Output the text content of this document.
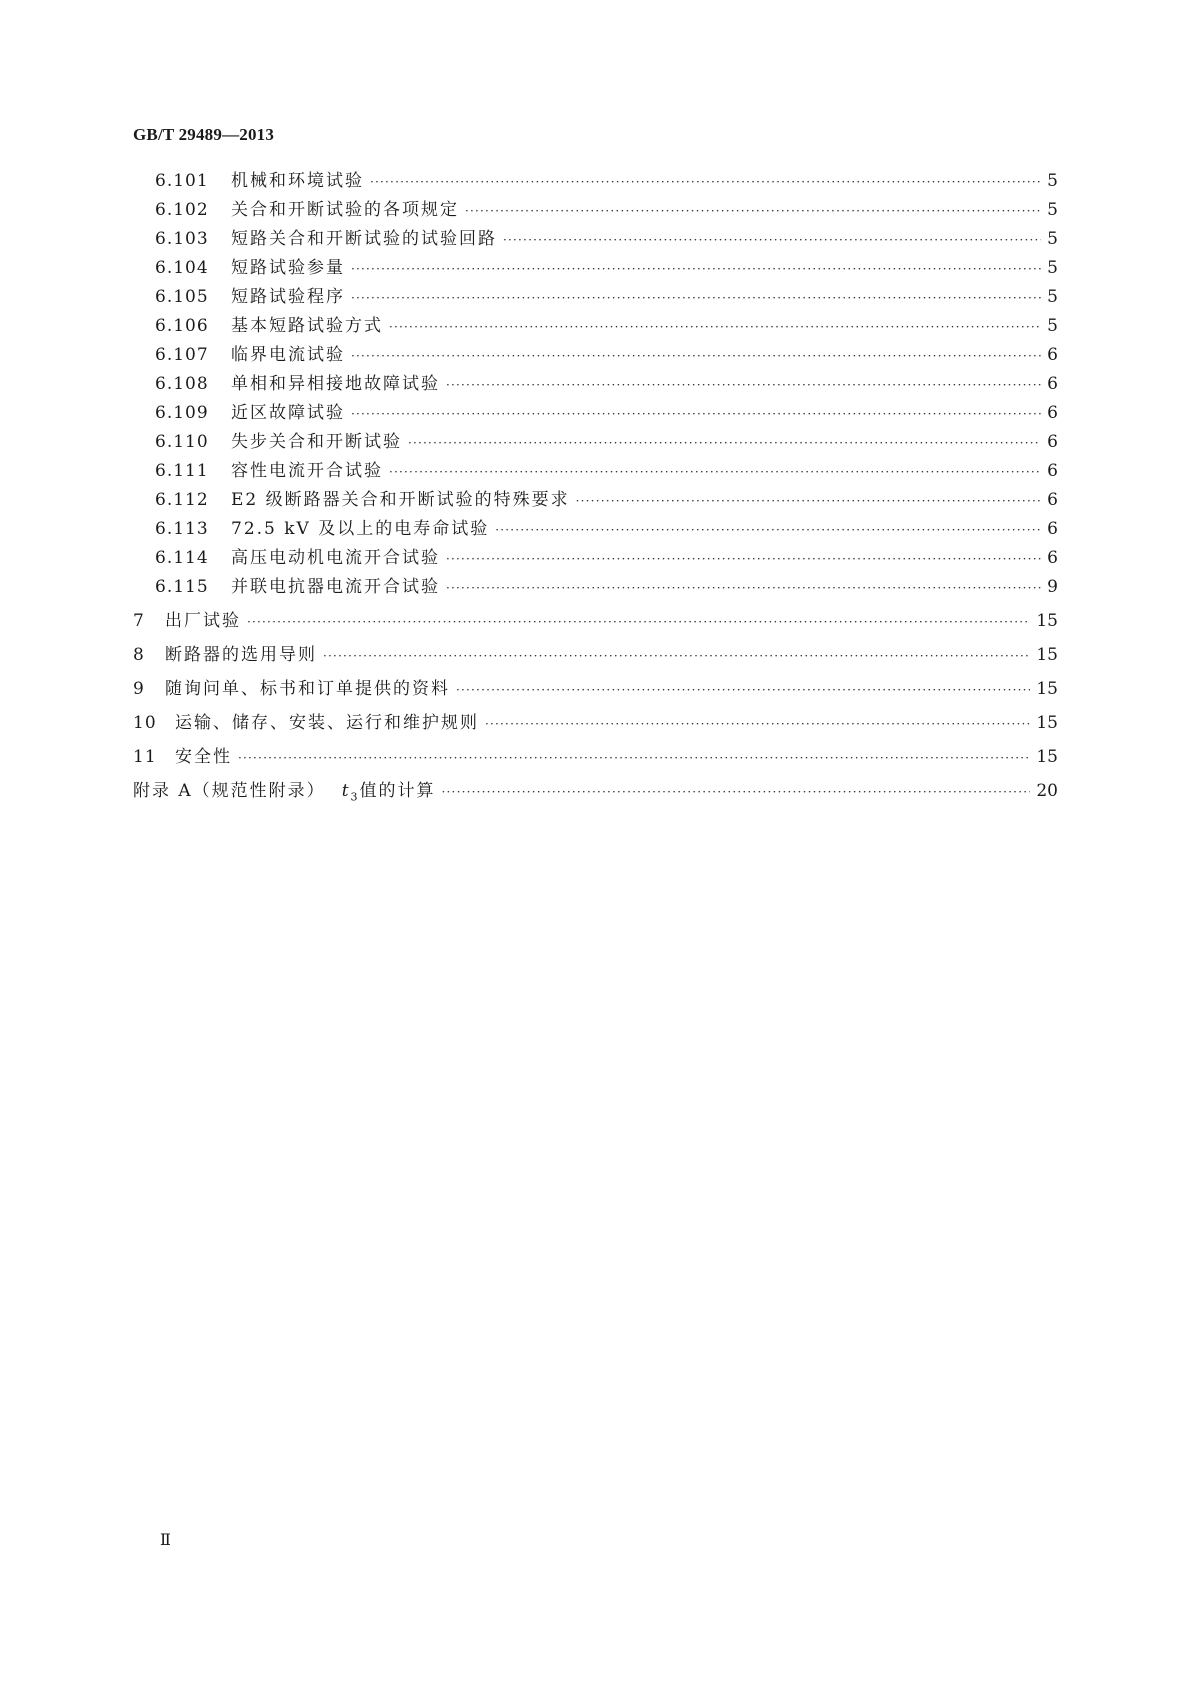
GB/T 29489—2013
6.101	机械和环境试验 ·····	5
6.102	关合和开断试验的各项规定 ·····	5
6.103	短路关合和开断试验的试验回路 ·····	5
6.104	短路试验参量 ·····	5
6.105	短路试验程序 ·····	5
6.106	基本短路试验方式 ·····	5
6.107	临界电流试验 ·····	6
6.108	单相和异相接地故障试验 ·····	6
6.109	近区故障试验 ·····	6
6.110	失步关合和开断试验 ·····	6
6.111	容性电流开合试验 ·····	6
6.112	E2 级断路器关合和开断试验的特殊要求 ·····	6
6.113	72.5 kV 及以上的电寿命试验 ·····	6
6.114	高压电动机电流开合试验 ·····	6
6.115	并联电抗器电流开合试验 ·····	9
7	出厂试验 ·····	15
8	断路器的选用导则 ·····	15
9	随询问单、标书和订单提供的资料 ·····	15
10	运输、储存、安装、运行和维护规则 ·····	15
11	安全性 ·····	15
附录 A（规范性附录） $t_3$值的计算 ·····	20
Ⅱ
